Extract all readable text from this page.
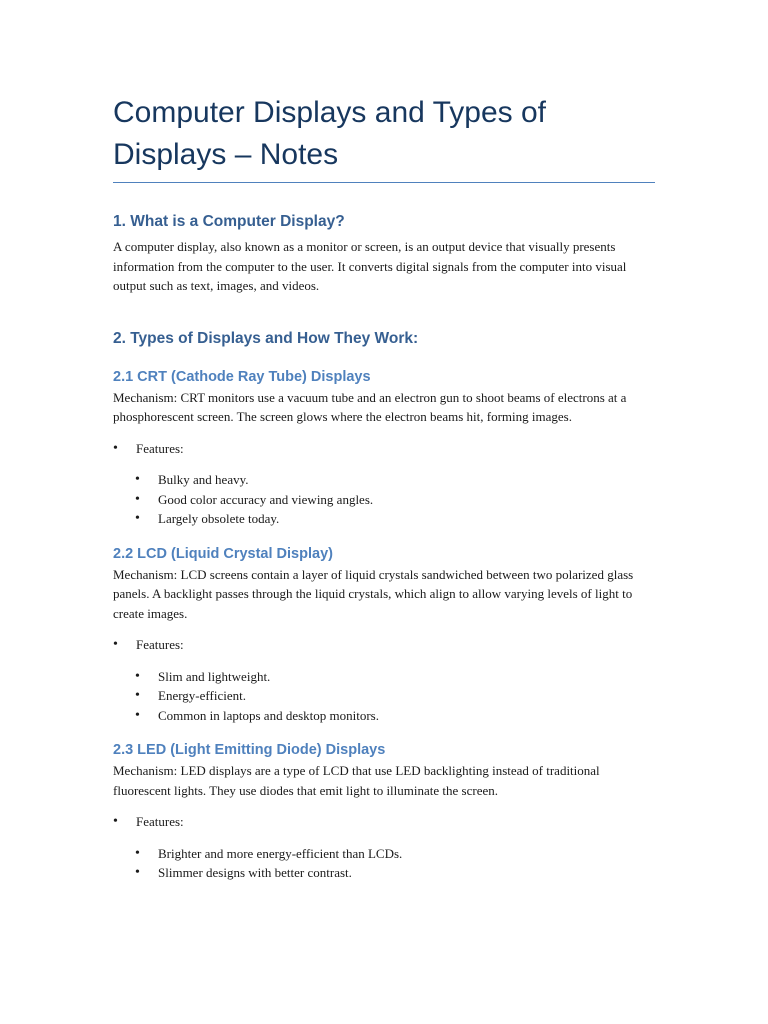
Computer Displays and Types of Displays – Notes
1. What is a Computer Display?

A computer display, also known as a monitor or screen, is an output device that visually presents information from the computer to the user. It converts digital signals from the computer into visual output such as text, images, and videos.

2. Types of Displays and How They Work:
2.1 CRT (Cathode Ray Tube) Displays

Mechanism: CRT monitors use a vacuum tube and an electron gun to shoot beams of electrons at a phosphorescent screen. The screen glows where the electron beams hit, forming images.

• Features:
• Bulky and heavy.
• Good color accuracy and viewing angles.
• Largely obsolete today.
2.2 LCD (Liquid Crystal Display)

Mechanism: LCD screens contain a layer of liquid crystals sandwiched between two polarized glass panels. A backlight passes through the liquid crystals, which align to allow varying levels of light to create images.

• Features:
• Slim and lightweight.
• Energy-efficient.
• Common in laptops and desktop monitors.
2.3 LED (Light Emitting Diode) Displays

Mechanism: LED displays are a type of LCD that use LED backlighting instead of traditional fluorescent lights. They use diodes that emit light to illuminate the screen.

• Features:
• Brighter and more energy-efficient than LCDs.
• Slimmer designs with better contrast.
